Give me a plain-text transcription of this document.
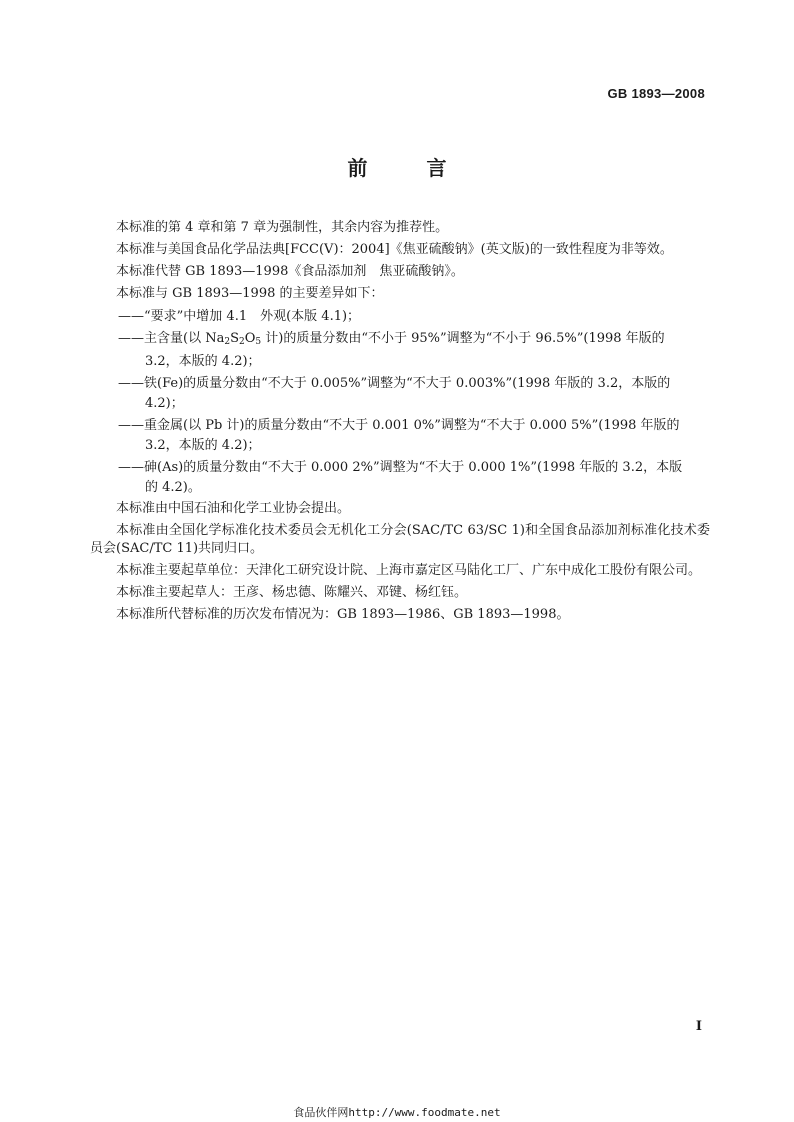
GB 1893—2008
前 言

本标准的第 4 章和第 7 章为强制性，其余内容为推荐性。

本标准与美国食品化学品法典[FCC(V)：2004]《焦亚硫酸钠》(英文版)的一致性程度为非等效。

本标准代替 GB 1893—1998《食品添加剂　焦亚硫酸钠》。

本标准与 GB 1893—1998 的主要差异如下：

——“要求”中增加 4.1　外观(本版 4.1)；
——主含量(以 $Na_2S_2O_5$ 计)的质量分数由“不小于 95%”调整为“不小于 96.5%”(1998 年版的
3.2，本版的 4.2)；
——铁(Fe)的质量分数由“不大于 0.005%”调整为“不大于 0.003%”(1998 年版的 3.2，本版的
4.2)；
——重金属(以 Pb 计)的质量分数由“不大于 0.001 0%”调整为“不大于 0.000 5%”(1998 年版的
3.2，本版的 4.2)；
——砷(As)的质量分数由“不大于 0.000 2%”调整为“不大于 0.000 1%”(1998 年版的 3.2，本版
的 4.2)。

本标准由中国石油和化学工业协会提出。

本标准由全国化学标准化技术委员会无机化工分会(SAC/TC 63/SC 1)和全国食品添加剂标准化技术委员会(SAC/TC 11)共同归口。

本标准主要起草单位：天津化工研究设计院、上海市嘉定区马陆化工厂、广东中成化工股份有限公司。

本标准主要起草人：王彦、杨忠德、陈耀兴、邓键、杨红钰。

本标准所代替标准的历次发布情况为：GB 1893—1986、GB 1893—1998。

I
食品伙伴网http://www.foodmate.net
